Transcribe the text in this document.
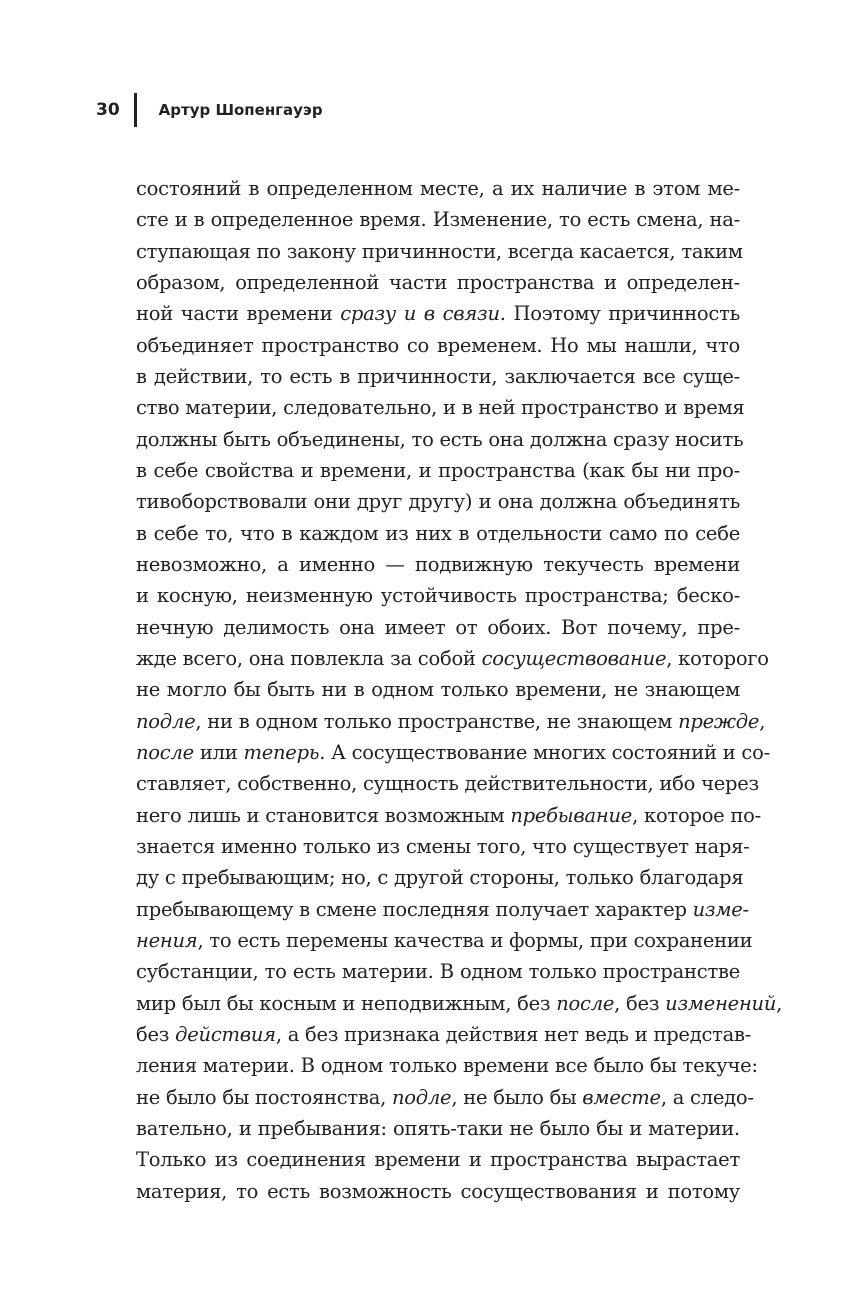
30	Артур Шопенгауэр
состояний в определенном месте, а их наличие в этом ме-
сте и в определенное время. Изменение, то есть смена, на-
ступающая по закону причинности, всегда касается, таким
образом, определенной части пространства и определен-
ной части времени сразу и в связи. Поэтому причинность
объединяет пространство со временем. Но мы нашли, что
в действии, то есть в причинности, заключается все суще-
ство материи, следовательно, и в ней пространство и время
должны быть объединены, то есть она должна сразу носить
в себе свойства и времени, и пространства (как бы ни про-
тивоборствовали они друг другу) и она должна объединять
в себе то, что в каждом из них в отдельности само по себе
невозможно, а именно — подвижную текучесть времени
и косную, неизменную устойчивость пространства; беско-
нечную делимость она имеет от обоих. Вот почему, пре-
жде всего, она повлекла за собой сосуществование, которого
не могло бы быть ни в одном только времени, не знающем
подле, ни в одном только пространстве, не знающем прежде,
после или теперь. А сосуществование многих состояний и со-
ставляет, собственно, сущность действительности, ибо через
него лишь и становится возможным пребывание, которое по-
знается именно только из смены того, что существует наря-
ду с пребывающим; но, с другой стороны, только благодаря
пребывающему в смене последняя получает характер изме-
нения, то есть перемены качества и формы, при сохранении
субстанции, то есть материи. В одном только пространстве
мир был бы косным и неподвижным, без после, без изменений,
без действия, а без признака действия нет ведь и представ-
ления материи. В одном только времени все было бы текуче:
не было бы постоянства, подле, не было бы вместе, а следо-
вательно, и пребывания: опять-таки не было бы и материи.
Только из соединения времени и пространства вырастает
материя, то есть возможность сосуществования и потому
